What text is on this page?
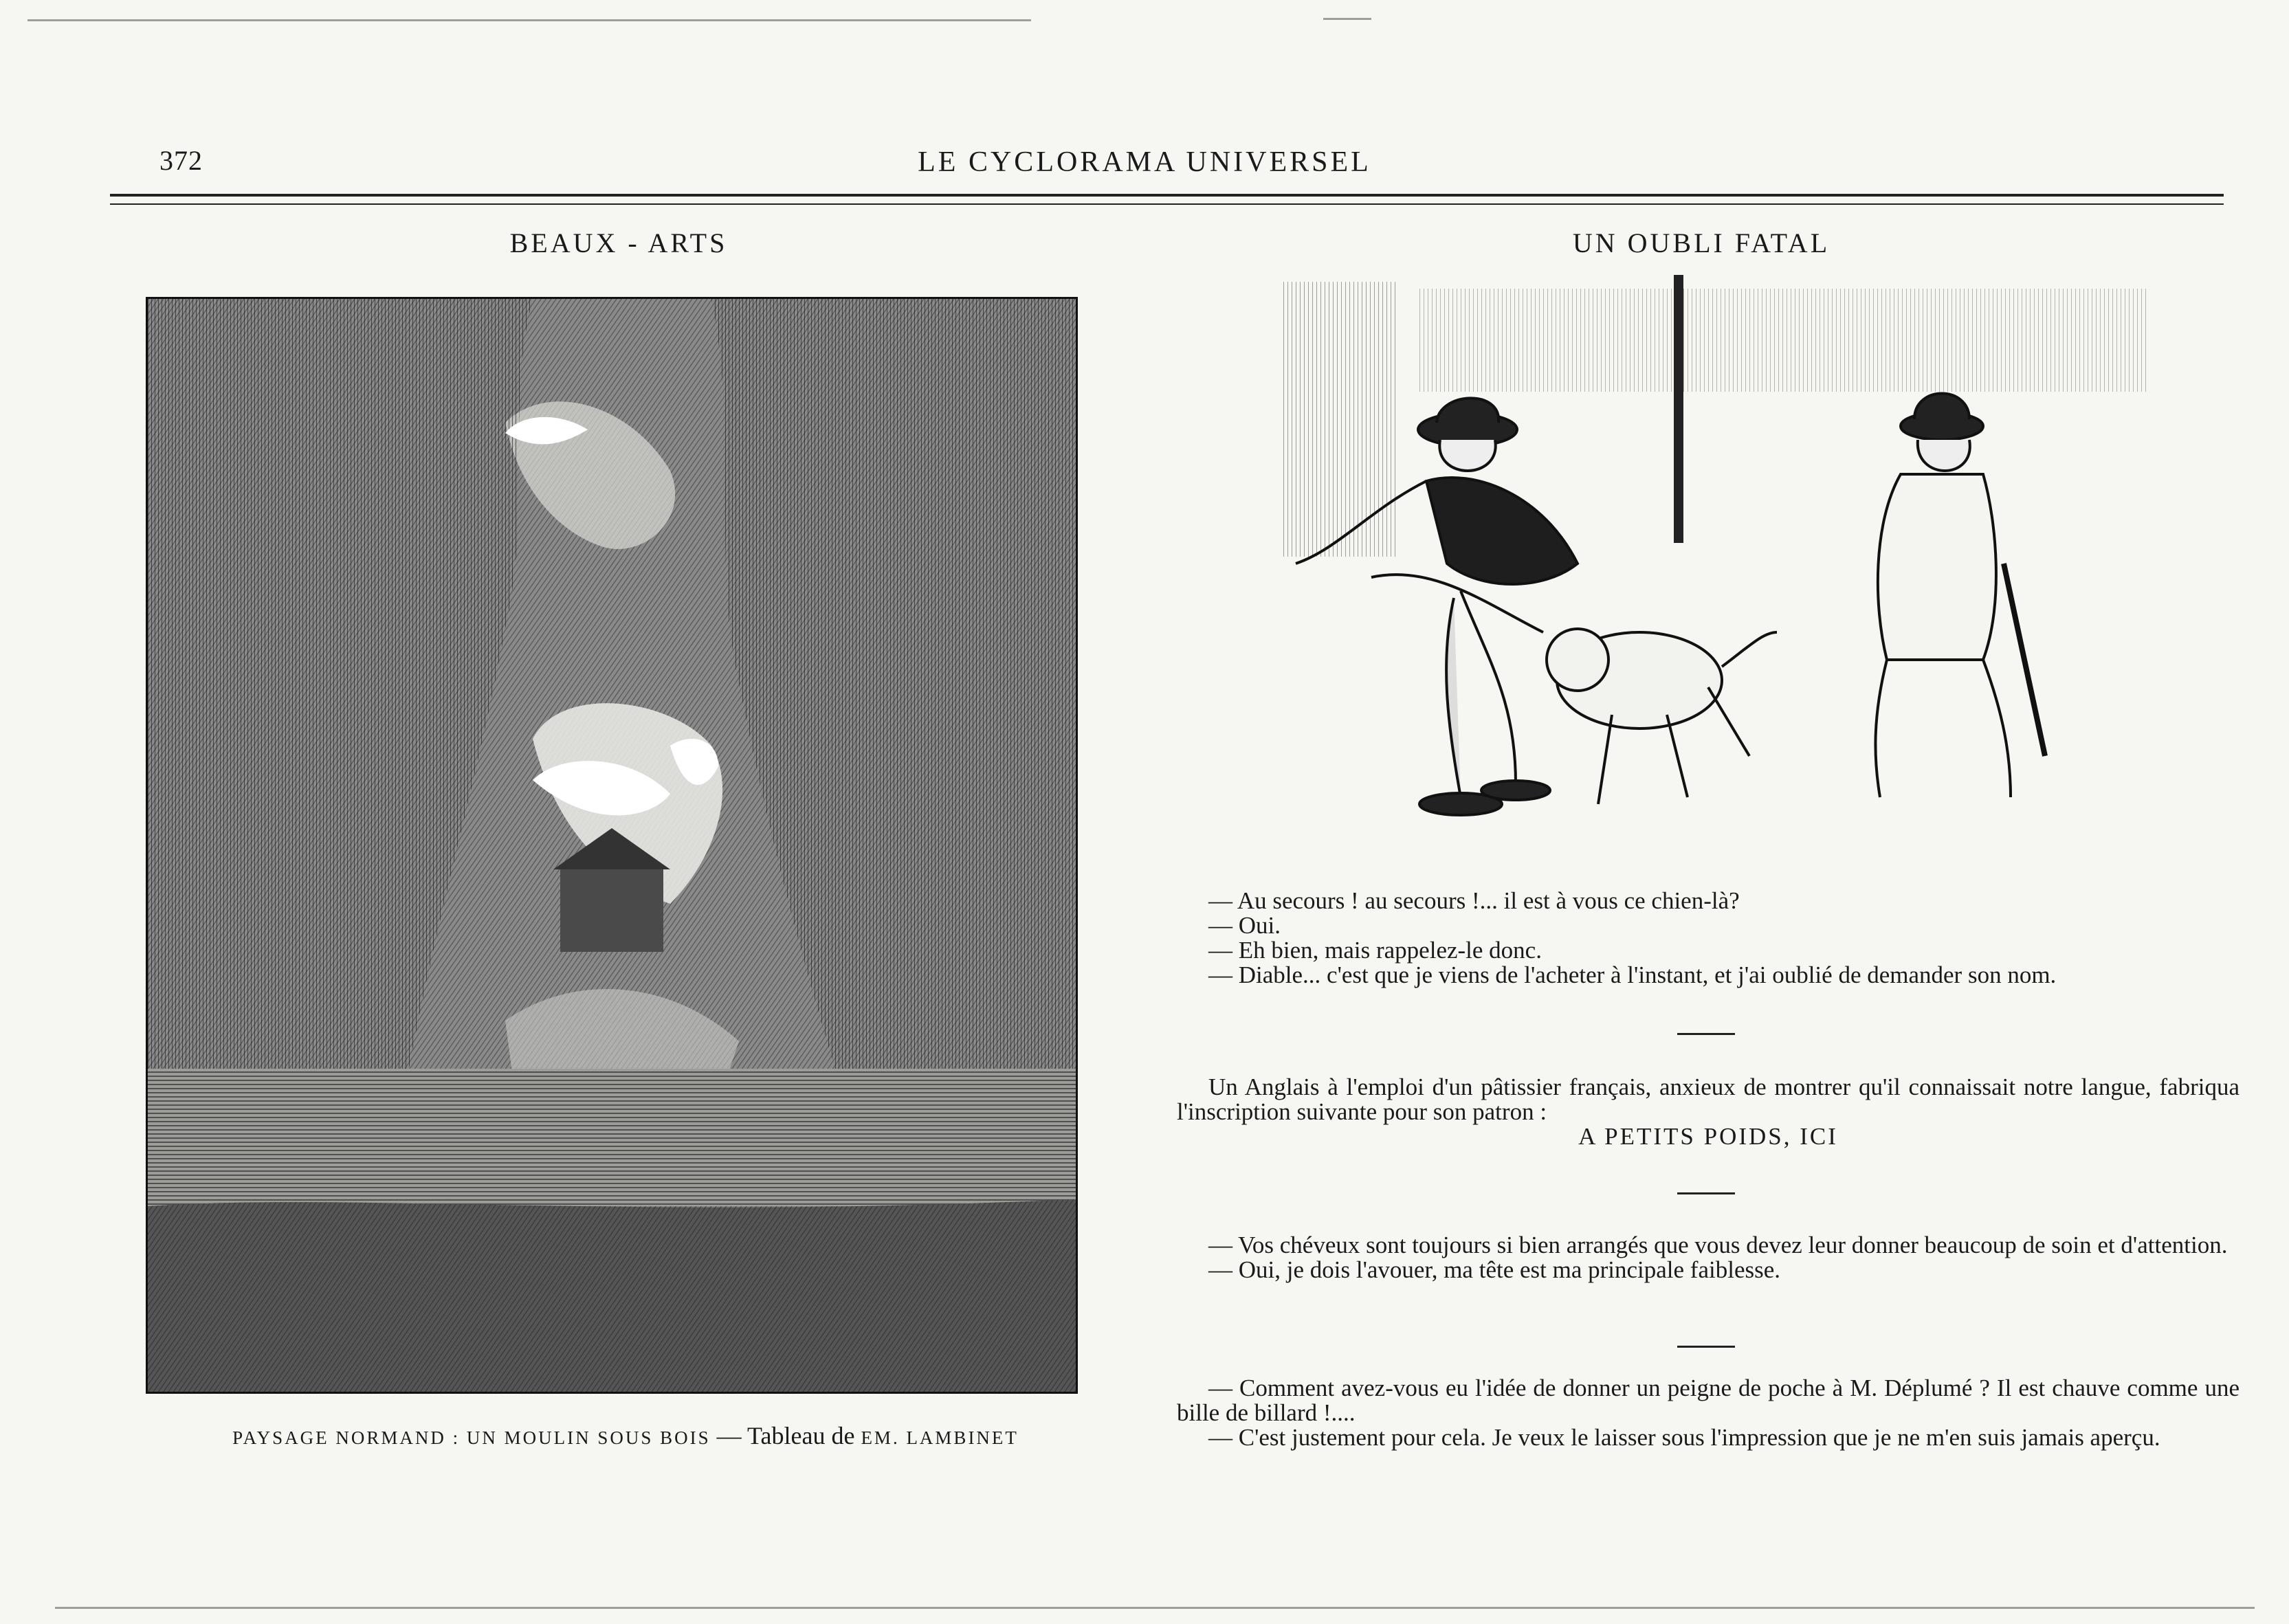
372	LE CYCLORAMA UNIVERSEL
BEAUX - ARTS
PAYSAGE NORMAND : UN MOULIN SOUS BOIS — Tableau de EM. LAMBINET
UN OUBLI FATAL

— Au secours ! au secours !... il est à vous ce chien-là?

— Oui.

— Eh bien, mais rappelez-le donc.

— Diable... c'est que je viens de l'acheter à l'instant, et j'ai oublié de demander son nom.

Un Anglais à l'emploi d'un pâtissier français, anxieux de montrer qu'il connaissait notre langue, fabriqua l'inscription suivante pour son patron :

A PETITS POIDS, ICI

— Vos chéveux sont toujours si bien arrangés que vous devez leur donner beaucoup de soin et d'attention.

— Oui, je dois l'avouer, ma tête est ma principale faiblesse.

— Comment avez-vous eu l'idée de donner un peigne de poche à M. Déplumé ? Il est chauve comme une bille de billard !....

— C'est justement pour cela. Je veux le laisser sous l'impression que je ne m'en suis jamais aperçu.
